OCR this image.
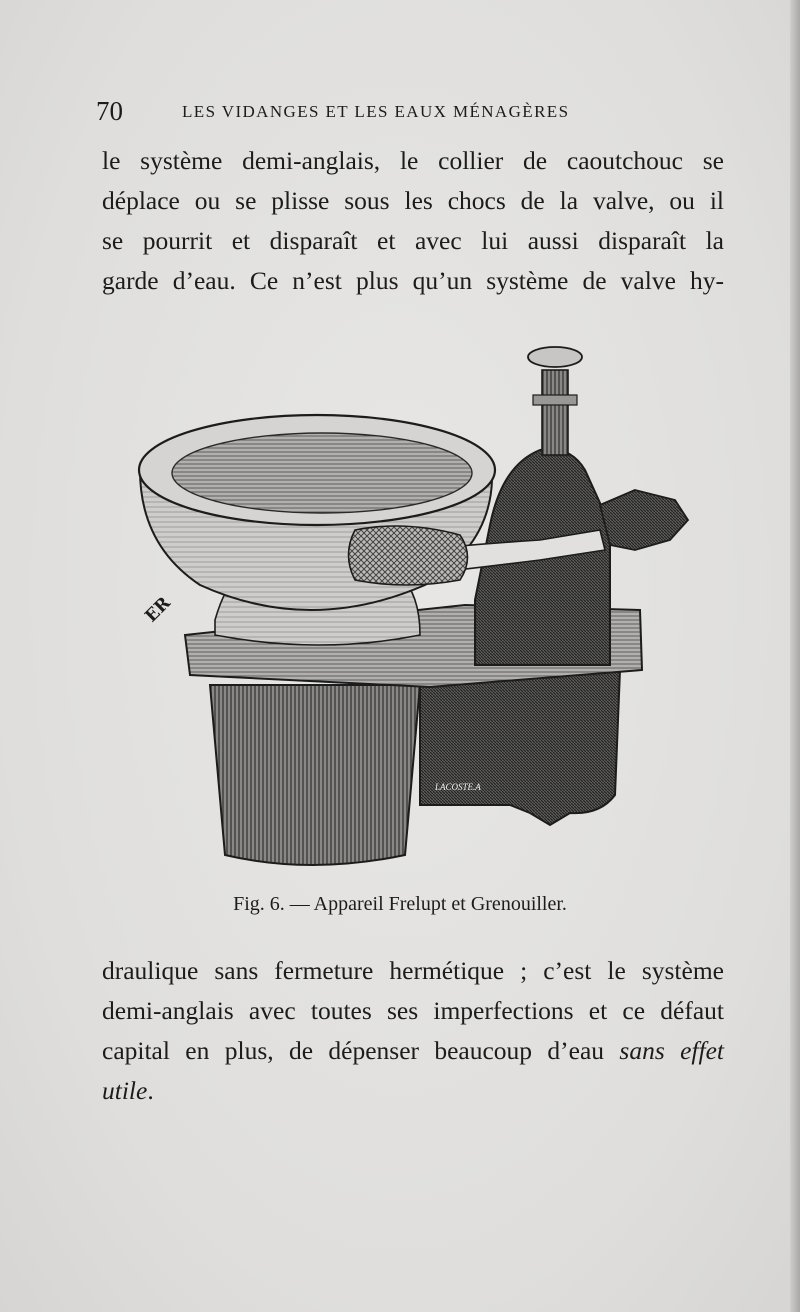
70	LES VIDANGES ET LES EAUX MÉNAGÈRES
le système demi-anglais, le collier de caoutchouc se
déplace ou se plisse sous les chocs de la valve, ou il
se pourrit et disparaît et avec lui aussi disparaît la
garde d’eau. Ce n’est plus qu’un système de valve hy-
ER
LACOSTE.A
Fig. 6. — Appareil Frelupt et Grenouiller.
draulique sans fermeture hermétique ; c’est le système
demi-anglais avec toutes ses imperfections et ce défaut
capital en plus, de dépenser beaucoup d’eau sans effet
utile.
